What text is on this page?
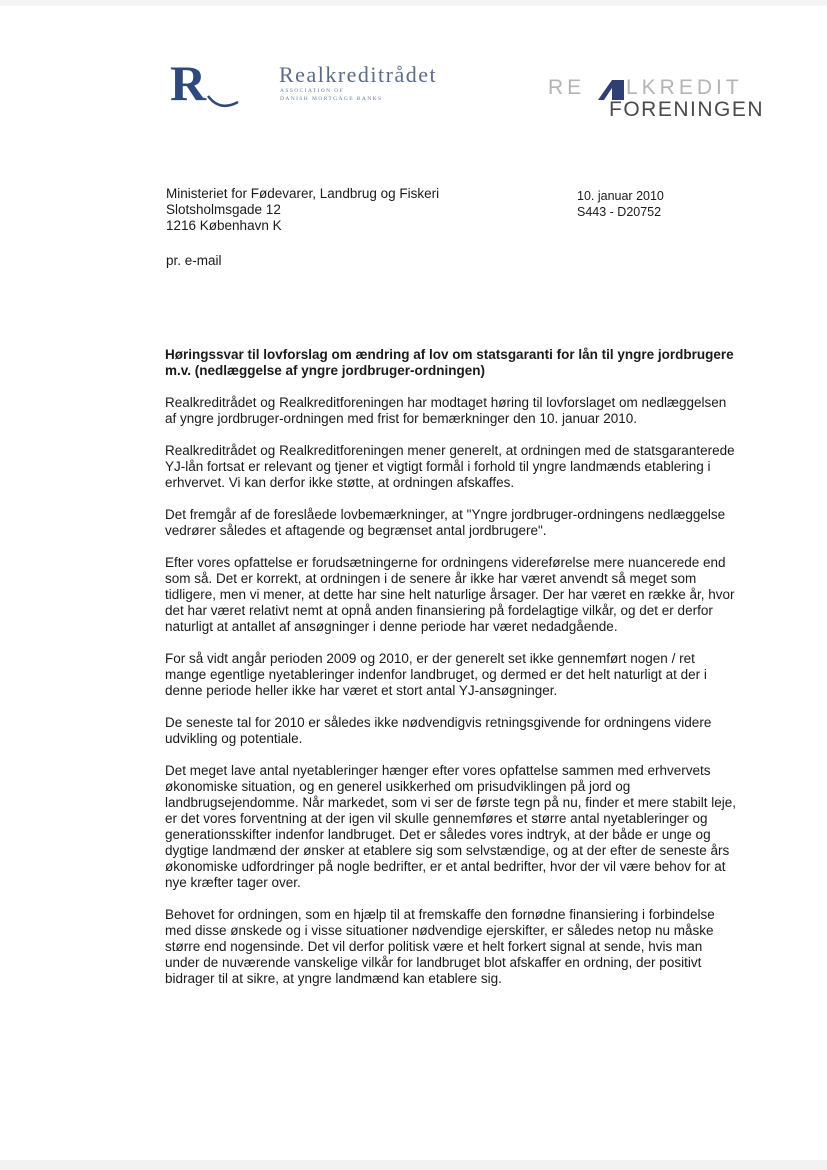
R	Realkreditrådet
ASSOCIATION OF
DANISH MORTGAGE BANKS	RE LKREDIT
FORENINGEN
Ministeriet for Fødevarer, Landbrug og Fiskeri
Slotsholmsgade 12
1216 København K
10. januar 2010
S443 - D20752
pr. e-mail
Høringssvar til lovforslag om ændring af lov om statsgaranti for lån til yngre jordbrugere m.v. (nedlæggelse af yngre jordbruger-ordningen)

Realkreditrådet og Realkreditforeningen har modtaget høring til lovforslaget om nedlæggelsen af yngre jordbruger-ordningen med frist for bemærkninger den 10. januar 2010.

Realkreditrådet og Realkreditforeningen mener generelt, at ordningen med de statsgaranterede YJ-lån fortsat er relevant og tjener et vigtigt formål i forhold til yngre landmænds etablering i erhvervet. Vi kan derfor ikke støtte, at ordningen afskaffes.

Det fremgår af de foreslåede lovbemærkninger, at "Yngre jordbruger-ordningens nedlæggelse vedrører således et aftagende og begrænset antal jordbrugere".

Efter vores opfattelse er forudsætningerne for ordningens videreførelse mere nuancerede end som så. Det er korrekt, at ordningen i de senere år ikke har været anvendt så meget som tidligere, men vi mener, at dette har sine helt naturlige årsager. Der har været en række år, hvor det har været relativt nemt at opnå anden finansiering på fordelagtige vilkår, og det er derfor naturligt at antallet af ansøgninger i denne periode har været nedadgående.

For så vidt angår perioden 2009 og 2010, er der generelt set ikke gennemført nogen / ret mange egentlige nyetableringer indenfor landbruget, og dermed er det helt naturligt at der i denne periode heller ikke har været et stort antal YJ-ansøgninger.

De seneste tal for 2010 er således ikke nødvendigvis retningsgivende for ordningens videre udvikling og potentiale.

Det meget lave antal nyetableringer hænger efter vores opfattelse sammen med erhvervets økonomiske situation, og en generel usikkerhed om prisudviklingen på jord og landbrugsejendomme. Når markedet, som vi ser de første tegn på nu, finder et mere stabilt leje, er det vores forventning at der igen vil skulle gennemføres et større antal nyetableringer og generationsskifter indenfor landbruget. Det er således vores indtryk, at der både er unge og dygtige landmænd der ønsker at etablere sig som selvstændige, og at der efter de seneste års økonomiske udfordringer på nogle bedrifter, er et antal bedrifter, hvor der vil være behov for at nye kræfter tager over.

Behovet for ordningen, som en hjælp til at fremskaffe den fornødne finansiering i forbindelse med disse ønskede og i visse situationer nødvendige ejerskifter, er således netop nu måske større end nogensinde. Det vil derfor politisk være et helt forkert signal at sende, hvis man under de nuværende vanskelige vilkår for landbruget blot afskaffer en ordning, der positivt bidrager til at sikre, at yngre landmænd kan etablere sig.
